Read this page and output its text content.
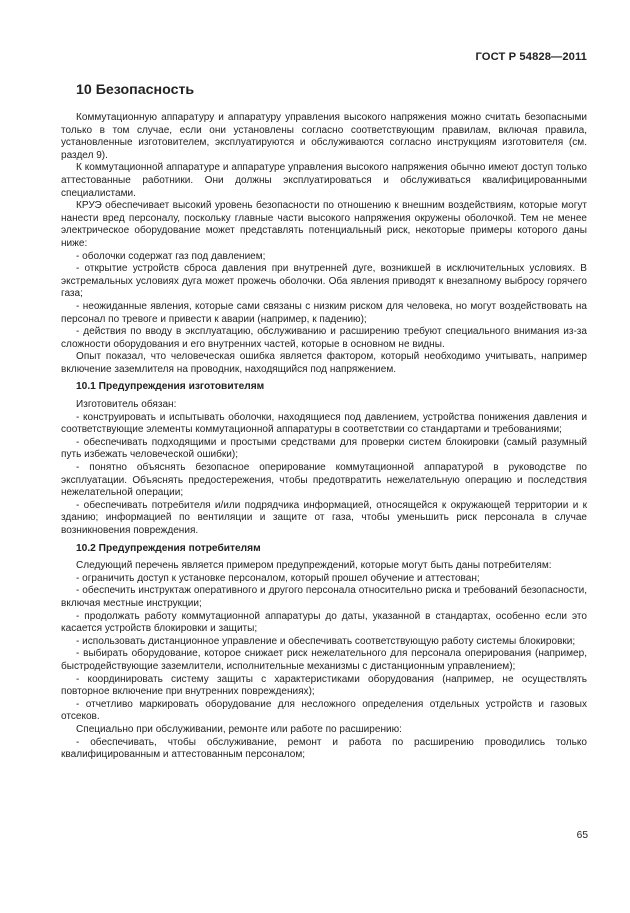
ГОСТ Р 54828—2011
10 Безопасность

Коммутационную аппаратуру и аппаратуру управления высокого напряжения можно считать безопасными только в том случае, если они установлены согласно соответствующим правилам, включая правила, установленные изготовителем, эксплуатируются и обслуживаются согласно инструкциям изготовителя (см. раздел 9).

К коммутационной аппаратуре и аппаратуре управления высокого напряжения обычно имеют доступ только аттестованные работники. Они должны эксплуатироваться и обслуживаться квалифицированными специалистами.

КРУЭ обеспечивает высокий уровень безопасности по отношению к внешним воздействиям, которые могут нанести вред персоналу, поскольку главные части высокого напряжения окружены оболочкой. Тем не менее электрическое оборудование может представлять потенциальный риск, некоторые примеры которого даны ниже:

- оболочки содержат газ под давлением;

- открытие устройств сброса давления при внутренней дуге, возникшей в исключительных условиях. В экстремальных условиях дуга может прожечь оболочки. Оба явления приводят к внезапному выбросу горячего газа;

- неожиданные явления, которые сами связаны с низким риском для человека, но могут воздействовать на персонал по тревоге и привести к аварии (например, к падению);

- действия по вводу в эксплуатацию, обслуживанию и расширению требуют специального внимания из-за сложности оборудования и его внутренних частей, которые в основном не видны.

Опыт показал, что человеческая ошибка является фактором, который необходимо учитывать, например включение заземлителя на проводник, находящийся под напряжением.

10.1 Предупреждения изготовителям

Изготовитель обязан:

- конструировать и испытывать оболочки, находящиеся под давлением, устройства понижения давления и соответствующие элементы коммутационной аппаратуры в соответствии со стандартами и требованиями;

- обеспечивать подходящими и простыми средствами для проверки систем блокировки (самый разумный путь избежать человеческой ошибки);

- понятно объяснять безопасное оперирование коммутационной аппаратурой в руководстве по эксплуатации. Объяснять предостережения, чтобы предотвратить нежелательную операцию и последствия нежелательной операции;

- обеспечивать потребителя и/или подрядчика информацией, относящейся к окружающей территории и к зданию; информацией по вентиляции и защите от газа, чтобы уменьшить риск персонала в случае возникновения повреждения.

10.2 Предупреждения потребителям

Следующий перечень является примером предупреждений, которые могут быть даны потребителям:

- ограничить доступ к установке персоналом, который прошел обучение и аттестован;

- обеспечить инструктаж оперативного и другого персонала относительно риска и требований безопасности, включая местные инструкции;

- продолжать работу коммутационной аппаратуры до даты, указанной в стандартах, особенно если это касается устройств блокировки и защиты;

- использовать дистанционное управление и обеспечивать соответствующую работу системы блокировки;

- выбирать оборудование, которое снижает риск нежелательного для персонала оперирования (например, быстродействующие заземлители, исполнительные механизмы с дистанционным управлением);

- координировать систему защиты с характеристиками оборудования (например, не осуществлять повторное включение при внутренних повреждениях);

- отчетливо маркировать оборудование для несложного определения отдельных устройств и газовых отсеков.

Специально при обслуживании, ремонте или работе по расширению:

- обеспечивать, чтобы обслуживание, ремонт и работа по расширению проводились только квалифицированным и аттестованным персоналом;

65
